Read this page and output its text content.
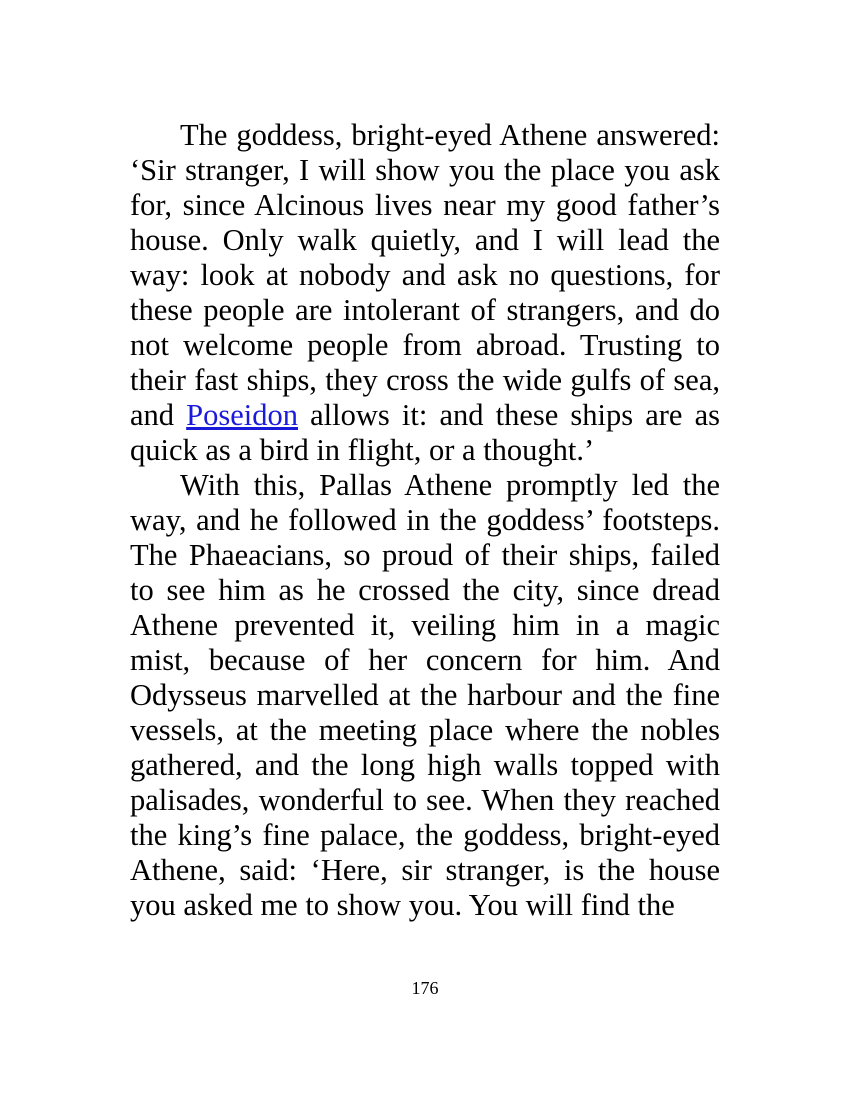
The goddess, bright-eyed Athene answered: ‘Sir stranger, I will show you the place you ask for, since Alcinous lives near my good father’s house. Only walk quietly, and I will lead the way: look at nobody and ask no questions, for these people are intolerant of strangers, and do not welcome people from abroad. Trusting to their fast ships, they cross the wide gulfs of sea, and Poseidon allows it: and these ships are as quick as a bird in flight, or a thought.’

With this, Pallas Athene promptly led the way, and he followed in the goddess’ footsteps. The Phaeacians, so proud of their ships, failed to see him as he crossed the city, since dread Athene prevented it, veiling him in a magic mist, because of her concern for him. And Odysseus marvelled at the harbour and the fine vessels, at the meeting place where the nobles gathered, and the long high walls topped with palisades, wonderful to see. When they reached the king’s fine palace, the goddess, bright-eyed Athene, said: ‘Here, sir stranger, is the house you asked me to show you. You will find the

176
